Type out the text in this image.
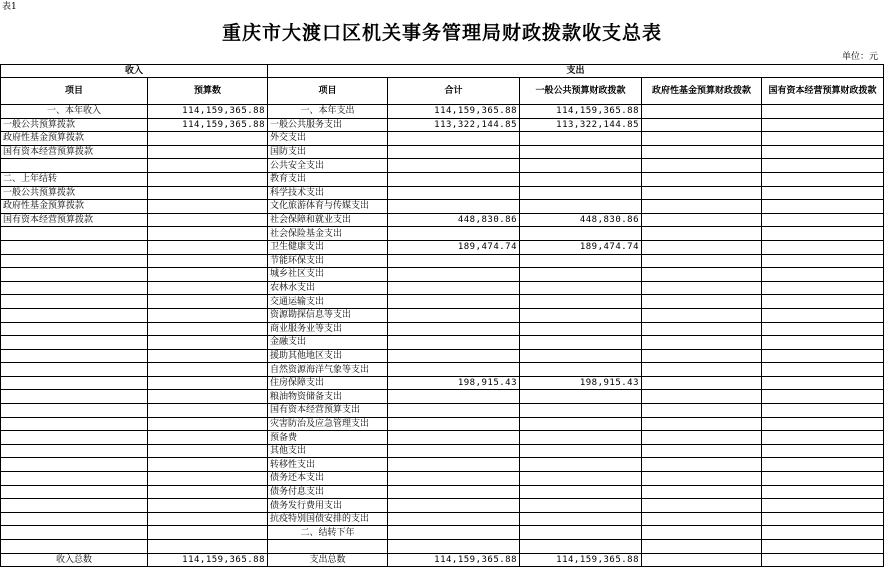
表1
重庆市大渡口区机关事务管理局财政拨款收支总表
单位：元
收入		支出				
项目	预算数	项目	合计	一般公共预算财政拨款	政府性基金预算财政拨款	国有资本经营预算财政拨款
一、本年收入	114,159,365.88	一、本年支出	114,159,365.88	114,159,365.88		
一般公共预算拨款	114,159,365.88	一般公共服务支出	113,322,144.85	113,322,144.85		
政府性基金预算拨款		外交支出				
国有资本经营预算拨款		国防支出				
		公共安全支出				
二、上年结转		教育支出				
一般公共预算拨款		科学技术支出				
政府性基金预算拨款		文化旅游体育与传媒支出				
国有资本经营预算拨款		社会保障和就业支出	448,830.86	448,830.86		
		社会保险基金支出				
		卫生健康支出	189,474.74	189,474.74		
		节能环保支出				
		城乡社区支出				
		农林水支出				
		交通运输支出				
		资源勘探信息等支出				
		商业服务业等支出				
		金融支出				
		援助其他地区支出				
		自然资源海洋气象等支出				
		住房保障支出	198,915.43	198,915.43		
		粮油物资储备支出				
		国有资本经营预算支出				
		灾害防治及应急管理支出				
		预备费				
		其他支出				
		转移性支出				
		债务还本支出				
		债务付息支出				
		债务发行费用支出				
		抗疫特别国债安排的支出				
		二、结转下年				

收入总数	114,159,365.88	支出总数	114,159,365.88	114,159,365.88		
